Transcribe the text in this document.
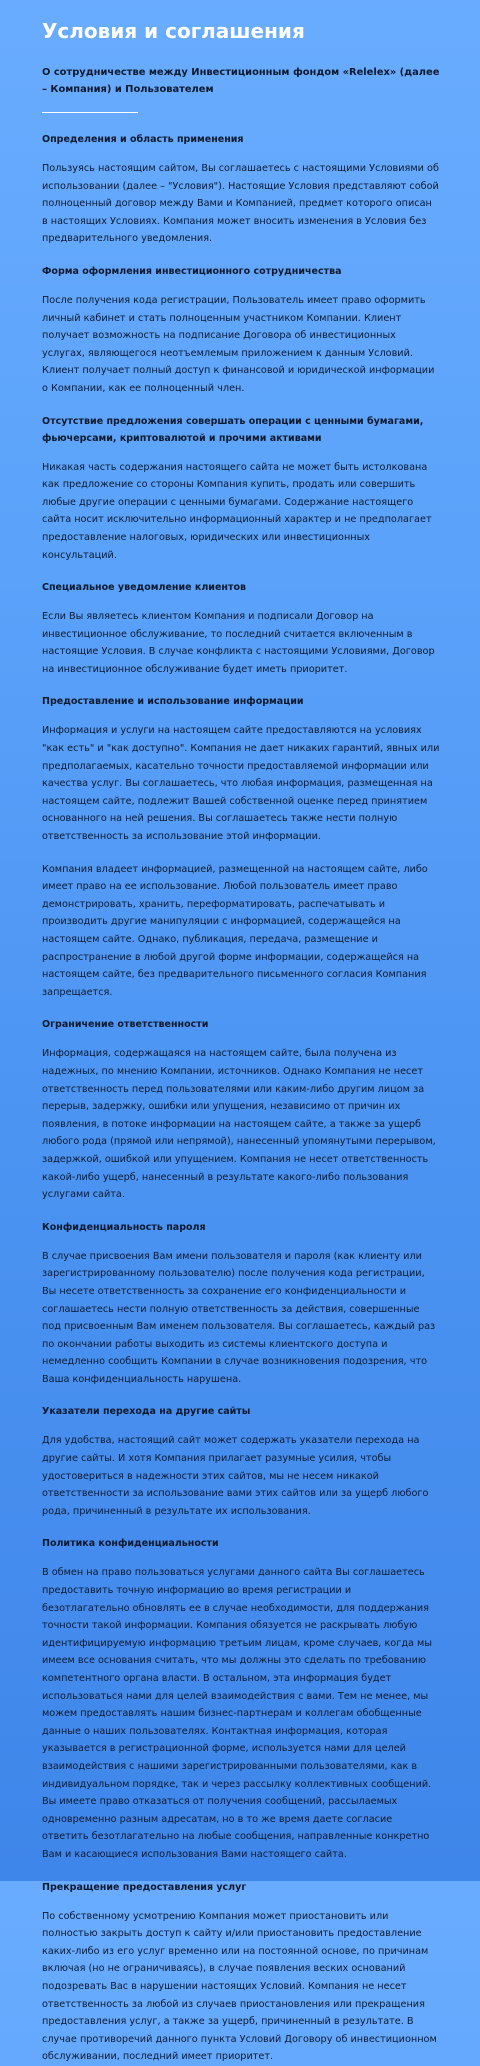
Условия и соглашения

О сотрудничестве между Инвестиционным фондом «Relelex» (далее – Компания) и Пользователем

Определения и область применения

Пользуясь настоящим сайтом, Вы соглашаетесь с настоящими Условиями об использовании (далее – "Условия"). Настоящие Условия представляют собой полноценный договор между Вами и Компанией, предмет которого описан в настоящих Условиях. Компания может вносить изменения в Условия без предварительного уведомления.

Форма оформления инвестиционного сотрудничества

После получения кода регистрации, Пользователь имеет право оформить личный кабинет и стать полноценным участником Компании. Клиент получает возможность на подписание Договора об инвестиционных услугах, являющегося неотъемлемым приложением к данным Условий. Клиент получает полный доступ к финансовой и юридической информации о Компании, как ее полноценный член.

Отсутствие предложения совершать операции с ценными бумагами, фьючерсами, криптовалютой и прочими активами

Никакая часть содержания настоящего сайта не может быть истолкована как предложение со стороны Компания купить, продать или совершить любые другие операции с ценными бумагами. Содержание настоящего сайта носит исключительно информационный характер и не предполагает предоставление налоговых, юридических или инвестиционных консультаций.

Специальное уведомление клиентов

Если Вы являетесь клиентом Компания и подписали Договор на инвестиционное обслуживание, то последний считается включенным в настоящие Условия. В случае конфликта с настоящими Условиями, Договор на инвестиционное обслуживание будет иметь приоритет.

Предоставление и использование информации

Информация и услуги на настоящем сайте предоставляются на условиях "как есть" и "как доступно". Компания не дает никаких гарантий, явных или предполагаемых, касательно точности предоставляемой информации или качества услуг. Вы соглашаетесь, что любая информация, размещенная на настоящем сайте, подлежит Вашей собственной оценке перед принятием основанного на ней решения. Вы соглашаетесь также нести полную ответственность за использование этой информации.

Компания владеет информацией, размещенной на настоящем сайте, либо имеет право на ее использование. Любой пользователь имеет право демонстрировать, хранить, переформатировать, распечатывать и производить другие манипуляции с информацией, содержащейся на настоящем сайте. Однако, публикация, передача, размещение и распространение в любой другой форме информации, содержащейся на настоящем сайте, без предварительного письменного согласия Компания запрещается.

Ограничение ответственности

Информация, содержащаяся на настоящем сайте, была получена из надежных, по мнению Компании, источников. Однако Компания не несет ответственность перед пользователями или каким-либо другим лицом за перерыв, задержку, ошибки или упущения, независимо от причин их появления, в потоке информации на настоящем сайте, а также за ущерб любого рода (прямой или непрямой), нанесенный упомянутыми перерывом, задержкой, ошибкой или упущением. Компания не несет ответственность какой-либо ущерб, нанесенный в результате какого-либо пользования услугами сайта.

Конфиденциальность пароля

В случае присвоения Вам имени пользователя и пароля (как клиенту или зарегистрированному пользователю) после получения кода регистрации, Вы несете ответственность за сохранение его конфиденциальности и соглашаетесь нести полную ответственность за действия, совершенные под присвоенным Вам именем пользователя. Вы соглашаетесь, каждый раз по окончании работы выходить из системы клиентского доступа и немедленно сообщить Компании в случае возникновения подозрения, что Ваша конфиденциальность нарушена.

Указатели перехода на другие сайты

Для удобства, настоящий сайт может содержать указатели перехода на другие сайты. И хотя Компания прилагает разумные усилия, чтобы удостовериться в надежности этих сайтов, мы не несем никакой ответственности за использование вами этих сайтов или за ущерб любого рода, причиненный в результате их использования.

Политика конфиденциальности

В обмен на право пользоваться услугами данного сайта Вы соглашаетесь предоставить точную информацию во время регистрации и безотлагательно обновлять ее в случае необходимости, для поддержания точности такой информации. Компания обязуется не раскрывать любую идентифицируемую информацию третьим лицам, кроме случаев, когда мы имеем все основания считать, что мы должны это сделать по требованию компетентного органа власти. В остальном, эта информация будет использоваться нами для целей взаимодействия с вами. Тем не менее, мы можем предоставлять нашим бизнес-партнерам и коллегам обобщенные данные о наших пользователях. Контактная информация, которая указывается в регистрационной форме, используется нами для целей взаимодействия с нашими зарегистрированными пользователями, как в индивидуальном порядке, так и через рассылку коллективных сообщений. Вы имеете право отказаться от получения сообщений, рассылаемых одновременно разным адресатам, но в то же время даете согласие ответить безотлагательно на любые сообщения, направленные конкретно Вам и касающиеся использования Вами настоящего сайта.

Прекращение предоставления услуг

По собственному усмотрению Компания может приостановить или полностью закрыть доступ к сайту и/или приостановить предоставление каких-либо из его услуг временно или на постоянной основе, по причинам включая (но не ограничиваясь), в случае появления веских оснований подозревать Вас в нарушении настоящих Условий. Компания не несет ответственность за любой из случаев приостановления или прекращения предоставления услуг, а также за ущерб, причиненный в результате. В случае противоречий данного пункта Условий Договору об инвестиционном обслуживании, последний имеет приоритет.
